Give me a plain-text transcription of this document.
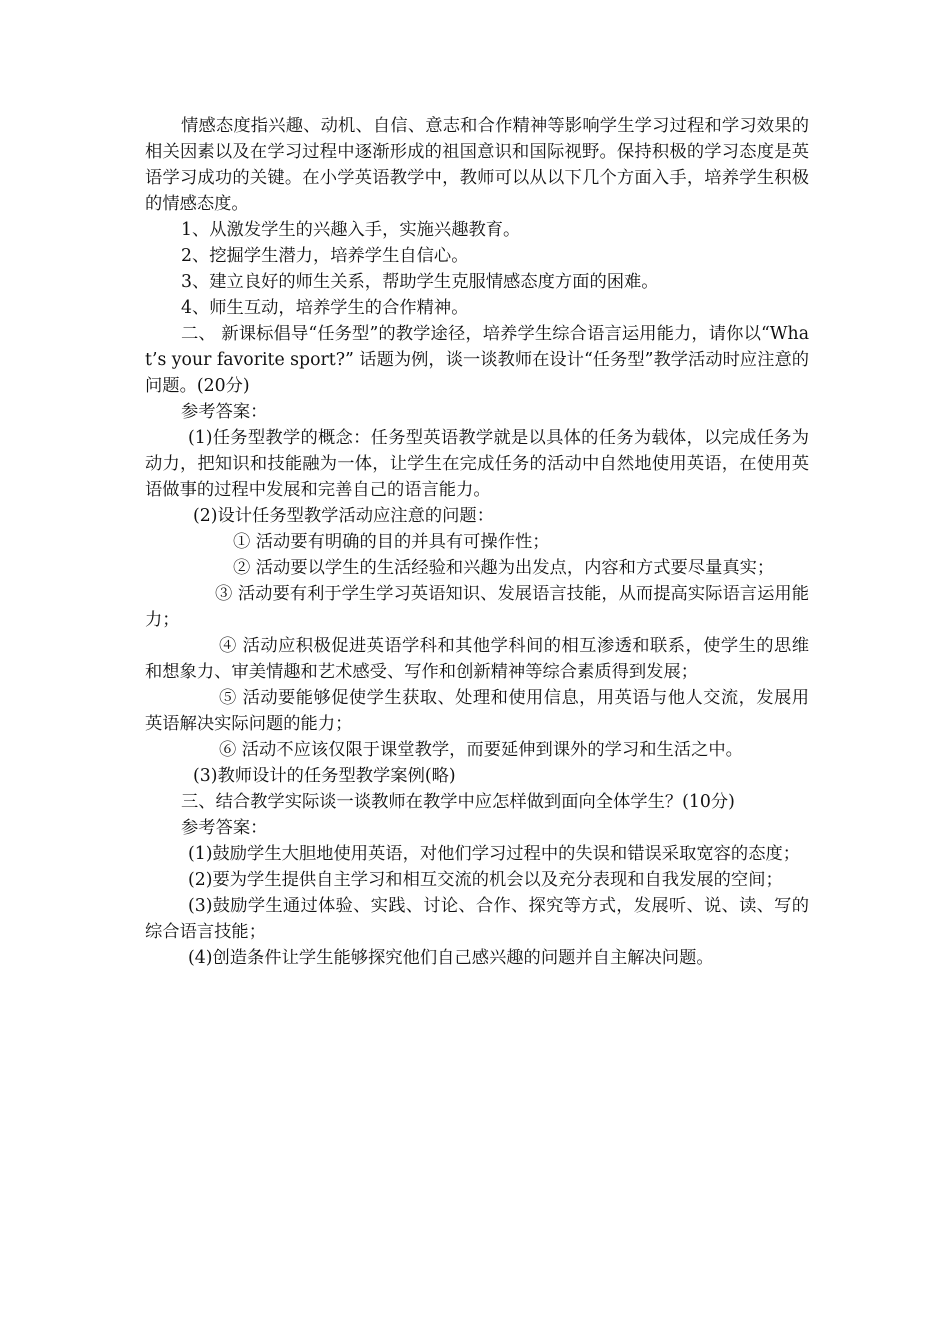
情感态度指兴趣、动机、自信、意志和合作精神等影响学生学习过程和学习效果的相关因素以及在学习过程中逐渐形成的祖国意识和国际视野。保持积极的学习态度是英语学习成功的关键。在小学英语教学中，教师可以从以下几个方面入手，培养学生积极的情感态度。

1、从激发学生的兴趣入手，实施兴趣教育。

2、挖掘学生潜力，培养学生自信心。

3、建立良好的师生关系，帮助学生克服情感态度方面的困难。

4、师生互动，培养学生的合作精神。

二、 新课标倡导“任务型”的教学途径，培养学生综合语言运用能力，请你以“What’s your favorite sport?” 话题为例，谈一谈教师在设计“任务型”教学活动时应注意的问题。(20分)

参考答案：

(1)任务型教学的概念：任务型英语教学就是以具体的任务为载体，以完成任务为动力，把知识和技能融为一体，让学生在完成任务的活动中自然地使用英语，在使用英语做事的过程中发展和完善自己的语言能力。

(2)设计任务型教学活动应注意的问题：

① 活动要有明确的目的并具有可操作性；

② 活动要以学生的生活经验和兴趣为出发点，内容和方式要尽量真实；

③ 活动要有利于学生学习英语知识、发展语言技能，从而提高实际语言运用能力；

④ 活动应积极促进英语学科和其他学科间的相互渗透和联系，使学生的思维和想象力、审美情趣和艺术感受、写作和创新精神等综合素质得到发展；

⑤ 活动要能够促使学生获取、处理和使用信息，用英语与他人交流，发展用英语解决实际问题的能力；

⑥ 活动不应该仅限于课堂教学，而要延伸到课外的学习和生活之中。

(3)教师设计的任务型教学案例(略)

三、结合教学实际谈一谈教师在教学中应怎样做到面向全体学生？(10分)

参考答案：

(1)鼓励学生大胆地使用英语，对他们学习过程中的失误和错误采取宽容的态度；

(2)要为学生提供自主学习和相互交流的机会以及充分表现和自我发展的空间；

(3)鼓励学生通过体验、实践、讨论、合作、探究等方式，发展听、说、读、写的综合语言技能；

(4)创造条件让学生能够探究他们自己感兴趣的问题并自主解决问题。
